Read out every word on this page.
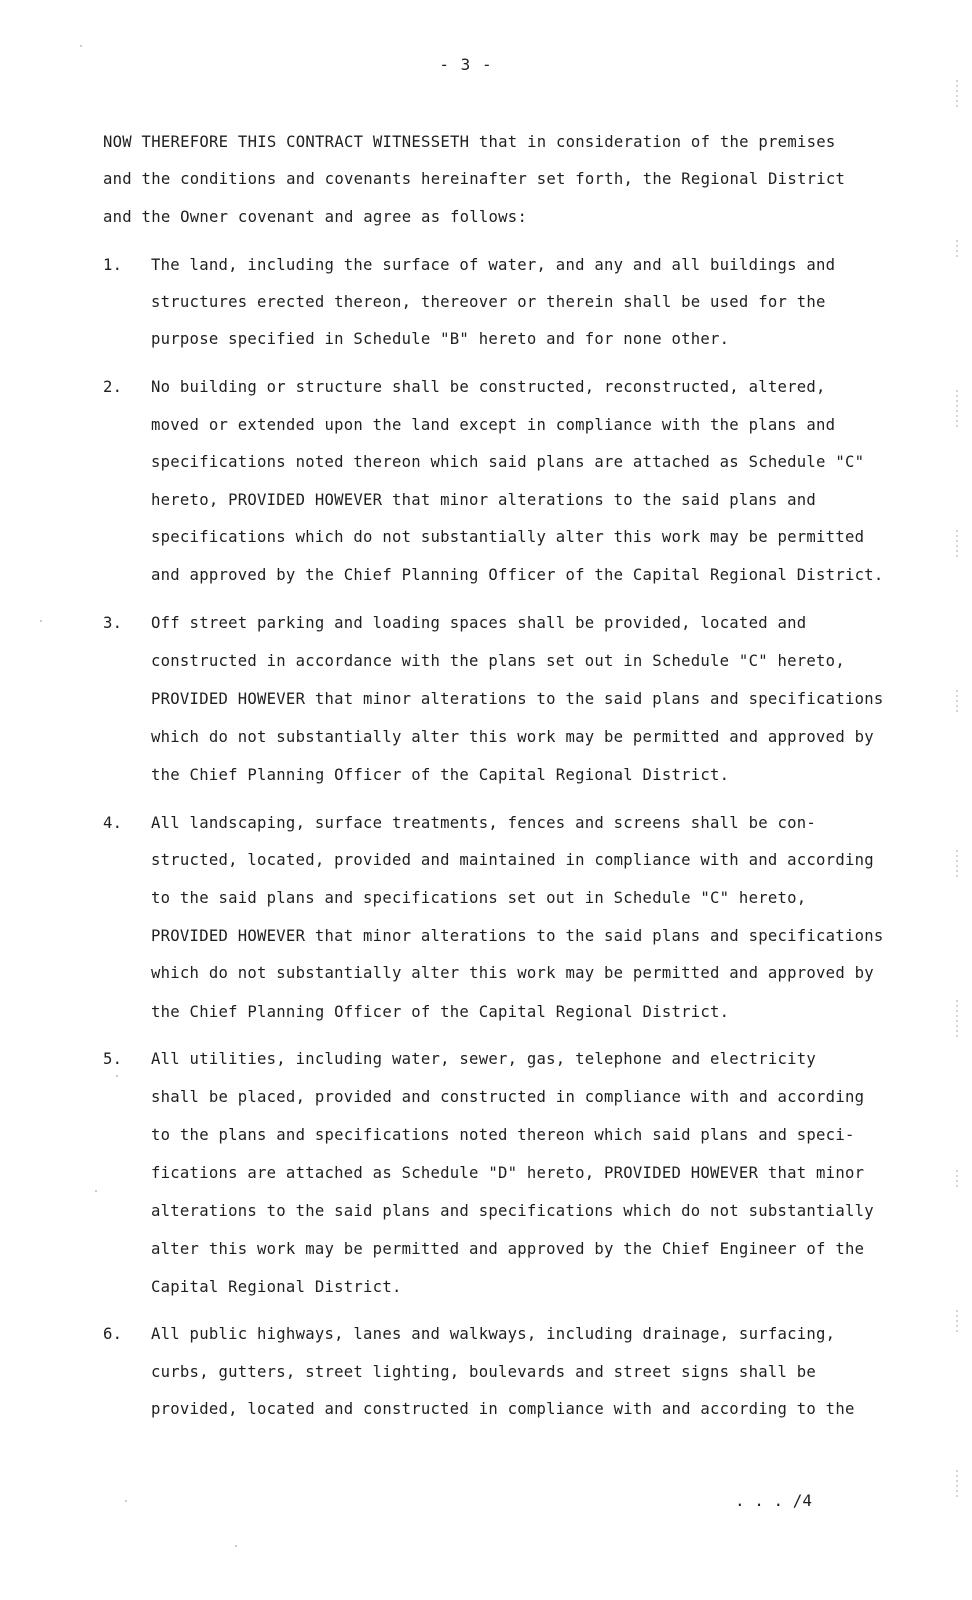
- 3 -
NOW THEREFORE THIS CONTRACT WITNESSETH that in consideration of the premises
and the conditions and covenants hereinafter set forth, the Regional District
and the Owner covenant and agree as follows:
1. The land, including the surface of water, and any and all buildings and
structures erected thereon, thereover or therein shall be used for the
purpose specified in Schedule "B" hereto and for none other.
2. No building or structure shall be constructed, reconstructed, altered,
moved or extended upon the land except in compliance with the plans and
specifications noted thereon which said plans are attached as Schedule "C"
hereto, PROVIDED HOWEVER that minor alterations to the said plans and
specifications which do not substantially alter this work may be permitted
and approved by the Chief Planning Officer of the Capital Regional District.
3. Off street parking and loading spaces shall be provided, located and
constructed in accordance with the plans set out in Schedule "C" hereto,
PROVIDED HOWEVER that minor alterations to the said plans and specifications
which do not substantially alter this work may be permitted and approved by
the Chief Planning Officer of the Capital Regional District.
4. All landscaping, surface treatments, fences and screens shall be con-
structed, located, provided and maintained in compliance with and according
to the said plans and specifications set out in Schedule "C" hereto,
PROVIDED HOWEVER that minor alterations to the said plans and specifications
which do not substantially alter this work may be permitted and approved by
the Chief Planning Officer of the Capital Regional District.
5. All utilities, including water, sewer, gas, telephone and electricity
shall be placed, provided and constructed in compliance with and according
to the plans and specifications noted thereon which said plans and speci-
fications are attached as Schedule "D" hereto, PROVIDED HOWEVER that minor
alterations to the said plans and specifications which do not substantially
alter this work may be permitted and approved by the Chief Engineer of the
Capital Regional District.
6. All public highways, lanes and walkways, including drainage, surfacing,
curbs, gutters, street lighting, boulevards and street signs shall be
provided, located and constructed in compliance with and according to the
. . . /4
